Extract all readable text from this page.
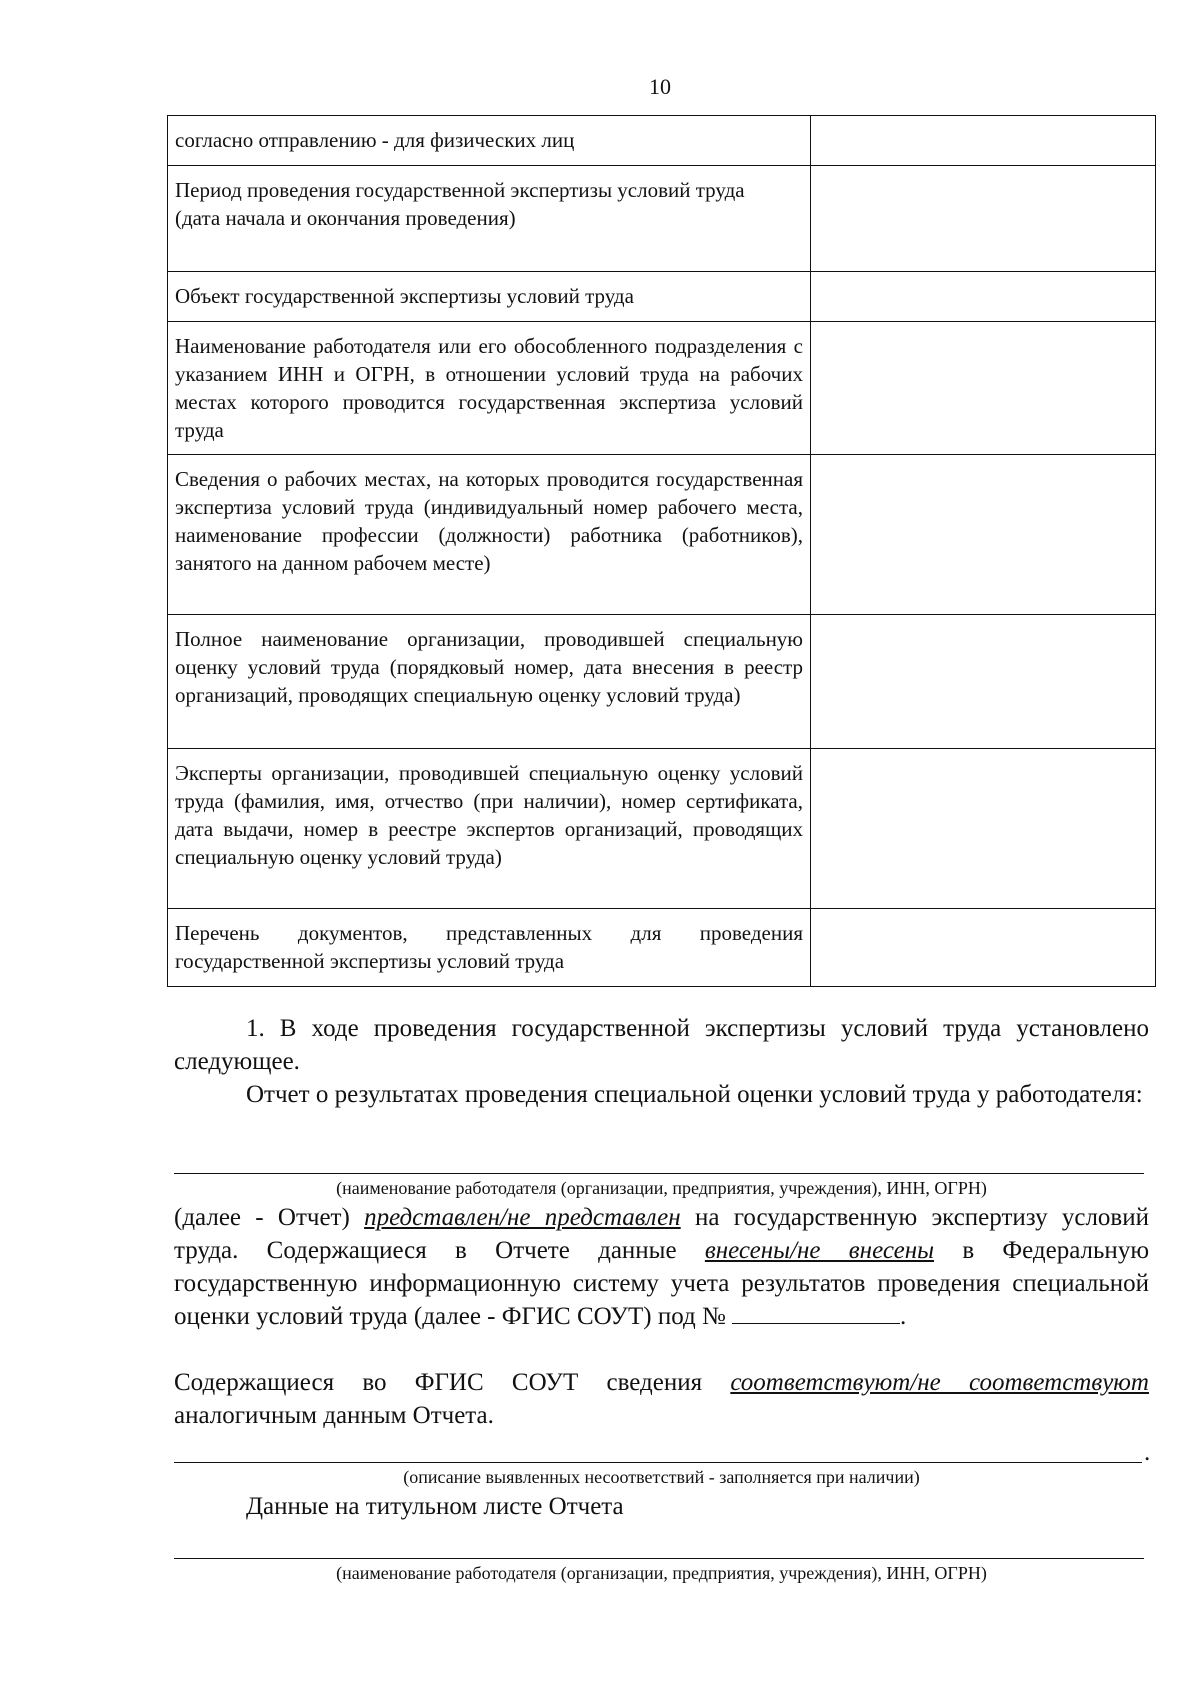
10
согласно отправлению - для физических лиц	
Период проведения государственной экспертизы условий труда
(дата начала и окончания проведения)	
Объект государственной экспертизы условий труда	
Наименование работодателя или его обособленного подразделения с указанием ИНН и ОГРН, в отношении условий труда на рабочих местах которого проводится государственная экспертиза условий труда	
Сведения о рабочих местах, на которых проводится государственная экспертиза условий труда (индивидуальный номер рабочего места, наименование профессии (должности) работника (работников), занятого на данном рабочем месте)	
Полное наименование организации, проводившей специальную оценку условий труда (порядковый номер, дата внесения в реестр организаций, проводящих специальную оценку условий труда)	
Эксперты организации, проводившей специальную оценку условий труда (фамилия, имя, отчество (при наличии), номер сертификата, дата выдачи, номер в реестре экспертов организаций, проводящих специальную оценку условий труда)	
Перечень документов, представленных для проведения государственной экспертизы условий труда	
1. В ходе проведения государственной экспертизы условий труда установлено следующее.
Отчет о результатах проведения специальной оценки условий труда у работодателя:
(наименование работодателя (организации, предприятия, учреждения), ИНН, ОГРН)
(далее - Отчет) представлен/не представлен на государственную экспертизу условий труда. Содержащиеся в Отчете данные внесены/не внесены в Федеральную государственную информационную систему учета результатов проведения специальной оценки условий труда (далее - ФГИС СОУТ) под №	.
Содержащиеся во ФГИС СОУТ сведения соответствуют/не соответствуют аналогичным данным Отчета.
.
(описание выявленных несоответствий - заполняется при наличии)
Данные на титульном листе Отчета
(наименование работодателя (организации, предприятия, учреждения), ИНН, ОГРН)
